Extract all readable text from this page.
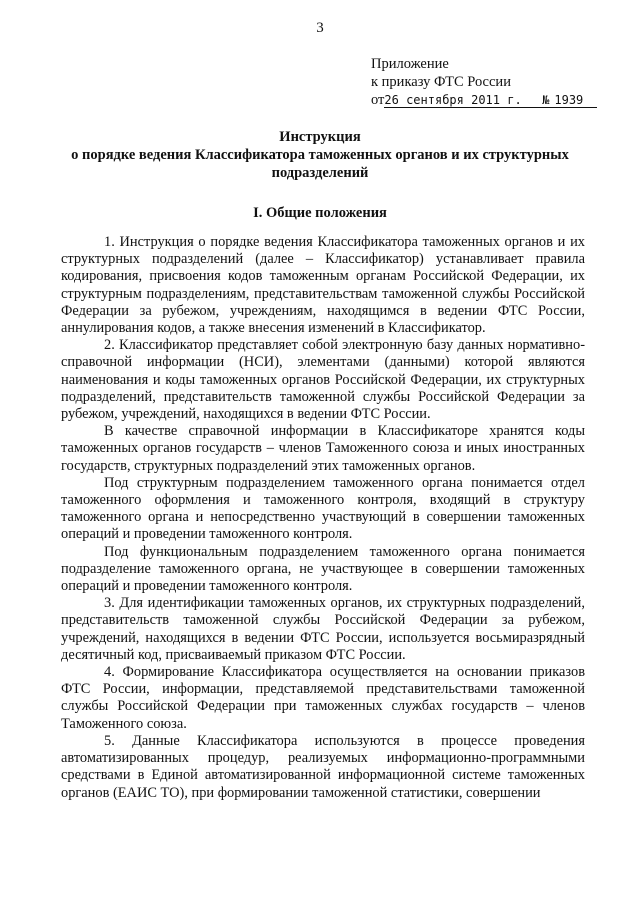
3
Приложение
к приказу ФТС России
от26 сентября 2011 г. № 1939
Инструкция
о порядке ведения Классификатора таможенных органов и их структурных
подразделений
I. Общие положения

1. Инструкция о порядке ведения Классификатора таможенных органов и их структурных подразделений (далее – Классификатор) устанавливает правила кодирования, присвоения кодов таможенным органам Российской Федерации, их структурным подразделениям, представительствам таможенной службы Российской Федерации за рубежом, учреждениям, находящимся в ведении ФТС России, аннулирования кодов, а также внесения изменений в Классификатор.

2. Классификатор представляет собой электронную базу данных нормативно-справочной информации (НСИ), элементами (данными) которой являются наименования и коды таможенных органов Российской Федерации, их структурных подразделений, представительств таможенной службы Российской Федерации за рубежом, учреждений, находящихся в ведении ФТС России.

В качестве справочной информации в Классификаторе хранятся коды таможенных органов государств – членов Таможенного союза и иных иностранных государств, структурных подразделений этих таможенных органов.

Под структурным подразделением таможенного органа понимается отдел таможенного оформления и таможенного контроля, входящий в структуру таможенного органа и непосредственно участвующий в совершении таможенных операций и проведении таможенного контроля.

Под функциональным подразделением таможенного органа понимается подразделение таможенного органа, не участвующее в совершении таможенных операций и проведении таможенного контроля.

3. Для идентификации таможенных органов, их структурных подразделений, представительств таможенной службы Российской Федерации за рубежом, учреждений, находящихся в ведении ФТС России, используется восьмиразрядный десятичный код, присваиваемый приказом ФТС России.

4. Формирование Классификатора осуществляется на основании приказов ФТС России, информации, представляемой представительствами таможенной службы Российской Федерации при таможенных службах государств – членов Таможенного союза.

5. Данные Классификатора используются в процессе проведения автоматизированных процедур, реализуемых информационно-программными средствами в Единой автоматизированной информационной системе таможенных органов (ЕАИС ТО), при формировании таможенной статистики, совершении
